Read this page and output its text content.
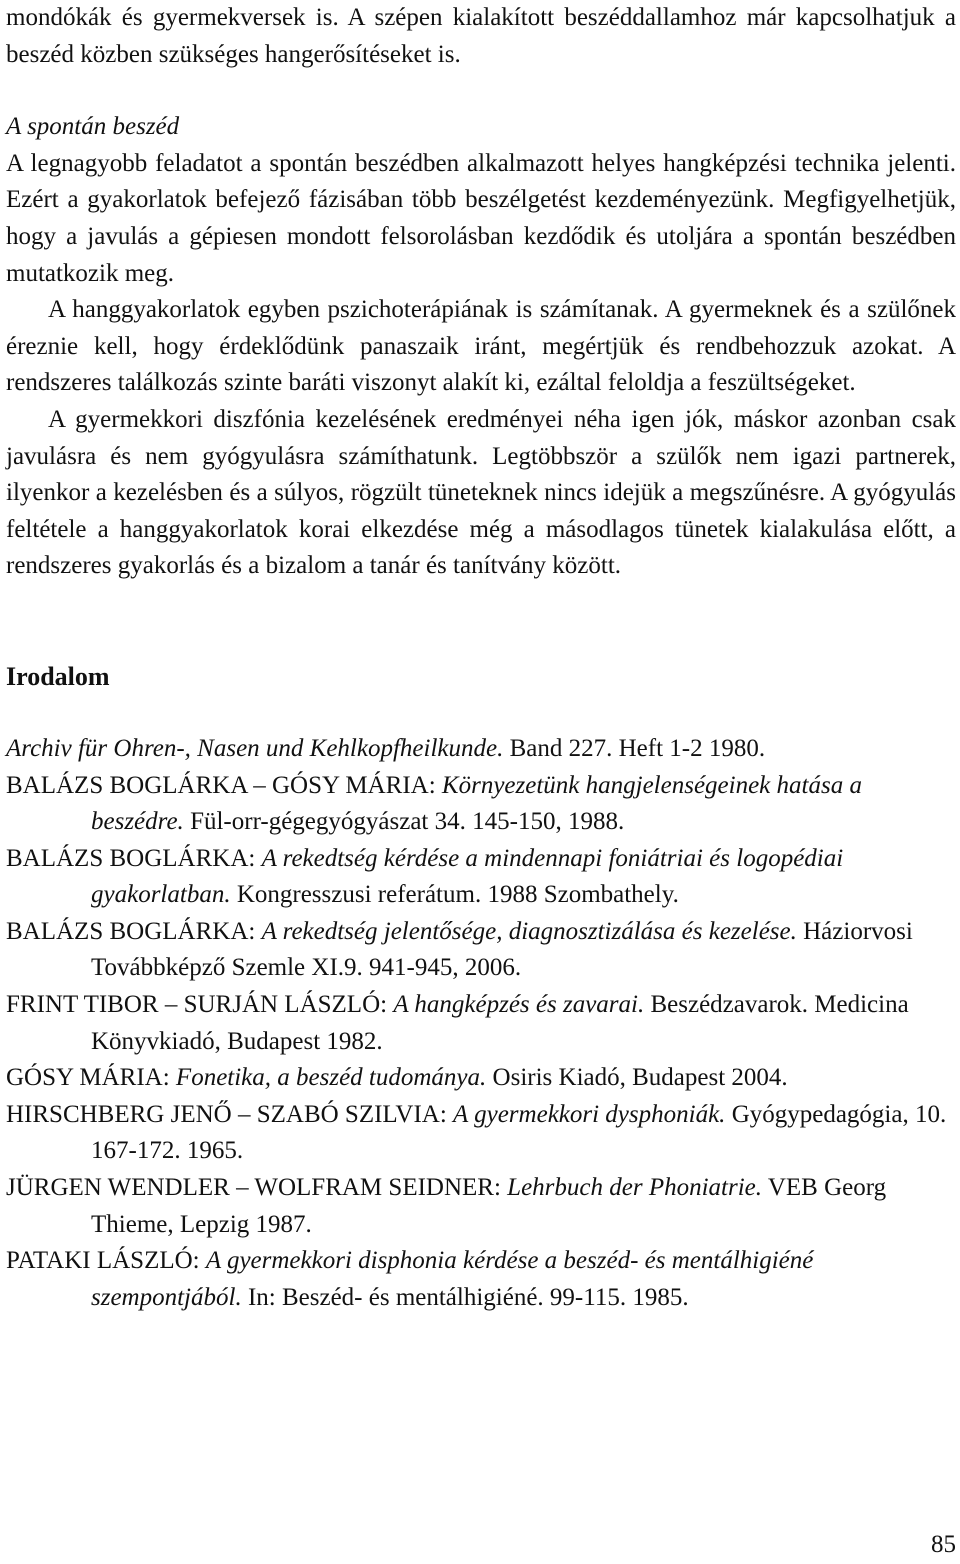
mondókák és gyermekversek is. A szépen kialakított beszéddallamhoz már kapcsolhatjuk a beszéd közben szükséges hangerősítéseket is.

A spontán beszéd

A legnagyobb feladatot a spontán beszédben alkalmazott helyes hangképzési technika jelenti. Ezért a gyakorlatok befejező fázisában több beszélgetést kezdeményezünk. Megfigyelhetjük, hogy a javulás a gépiesen mondott felsorolásban kezdődik és utoljára a spontán beszédben mutatkozik meg.

A hanggyakorlatok egyben pszichoterápiának is számítanak. A gyermeknek és a szülőnek éreznie kell, hogy érdeklődünk panaszaik iránt, megértjük és rendbehozzuk azokat. A rendszeres találkozás szinte baráti viszonyt alakít ki, ezáltal feloldja a feszültségeket.

A gyermekkori diszfónia kezelésének eredményei néha igen jók, máskor azonban csak javulásra és nem gyógyulásra számíthatunk. Legtöbbször a szülők nem igazi partnerek, ilyenkor a kezelésben és a súlyos, rögzült tüneteknek nincs idejük a megszűnésre. A gyógyulás feltétele a hanggyakorlatok korai elkezdése még a másodlagos tünetek kialakulása előtt, a rendszeres gyakorlás és a bizalom a tanár és tanítvány között.

Irodalom

Archiv für Ohren-, Nasen und Kehlkopfheilkunde. Band 227. Heft 1-2 1980.

BALÁZS BOGLÁRKA – GÓSY MÁRIA: Környezetünk hangjelenségeinek hatása a beszédre. Fül-orr-gégegyógyászat 34. 145-150, 1988.

BALÁZS BOGLÁRKA: A rekedtség kérdése a mindennapi foniátriai és logopédiai gyakorlatban. Kongresszusi referátum. 1988 Szombathely.

BALÁZS BOGLÁRKA: A rekedtség jelentősége, diagnosztizálása és kezelése. Háziorvosi Továbbképző Szemle XI.9. 941-945, 2006.

FRINT TIBOR – SURJÁN LÁSZLÓ: A hangképzés és zavarai. Beszédzavarok. Medicina Könyvkiadó, Budapest 1982.

GÓSY MÁRIA: Fonetika, a beszéd tudománya. Osiris Kiadó, Budapest 2004.

HIRSCHBERG JENŐ – SZABÓ SZILVIA: A gyermekkori dysphoniák. Gyógypedagógia, 10. 167-172. 1965.

JÜRGEN WENDLER – WOLFRAM SEIDNER: Lehrbuch der Phoniatrie. VEB Georg Thieme, Lepzig 1987.

PATAKI LÁSZLÓ: A gyermekkori disphonia kérdése a beszéd- és mentálhigiéné szempontjából. In: Beszéd- és mentálhigiéné. 99-115. 1985.

85
